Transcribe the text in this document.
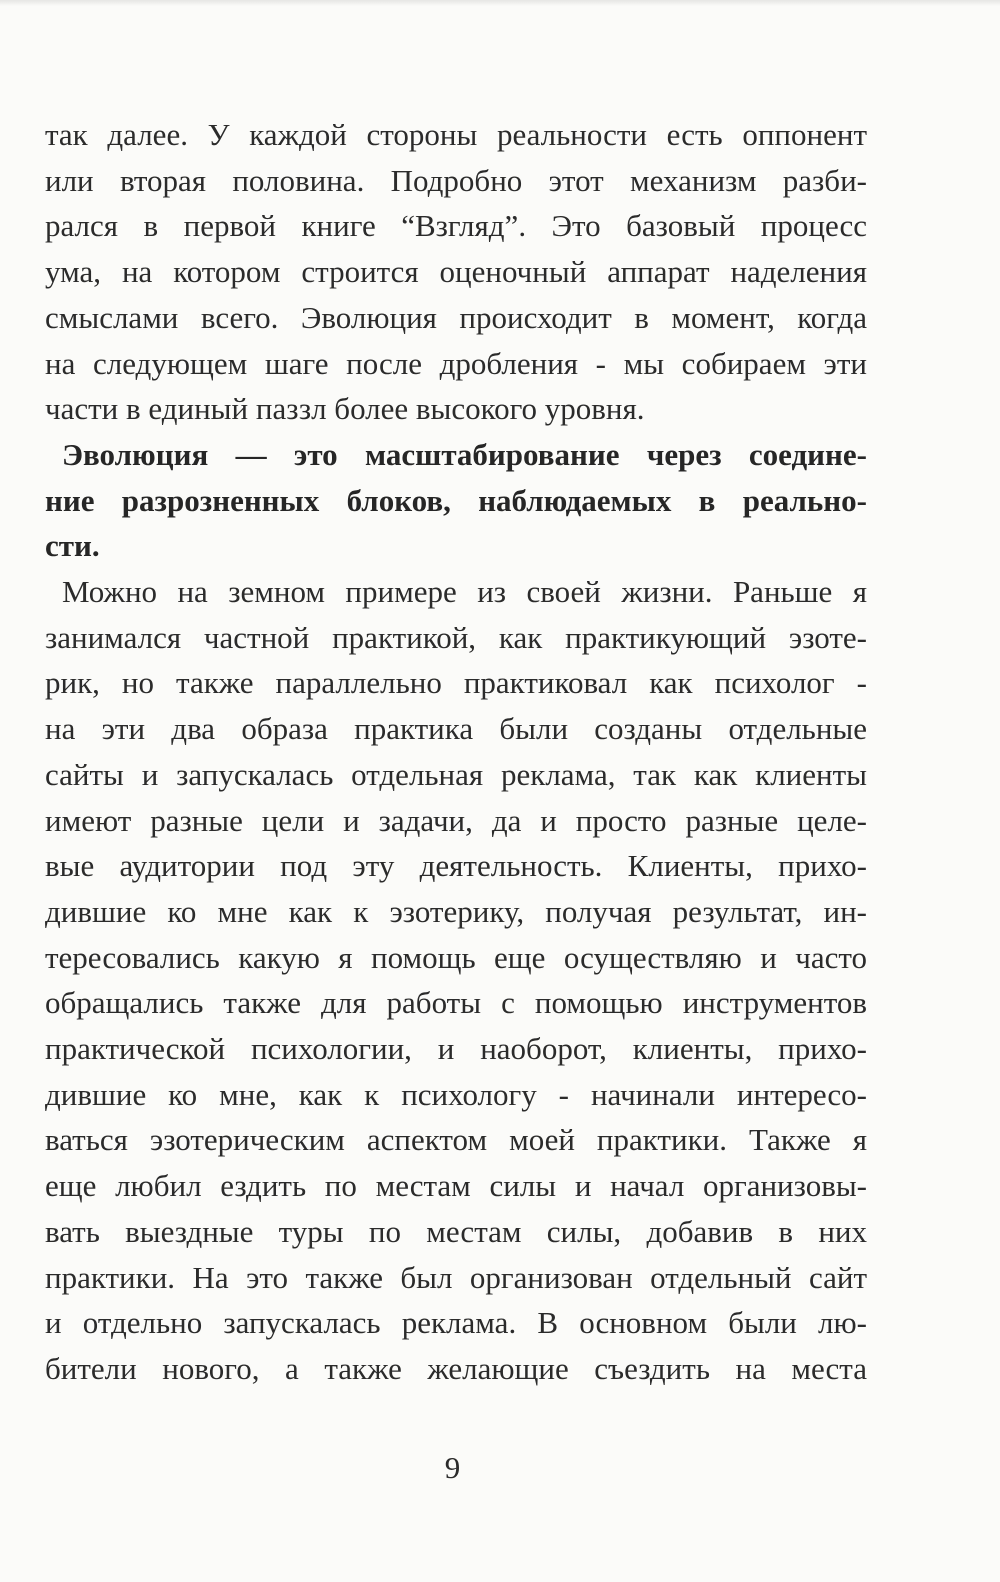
так далее. У каждой стороны реальности есть оппонент
или вторая половина. Подробно этот механизм разби-
рался в первой книге “Взгляд”. Это базовый процесс
ума, на котором строится оценочный аппарат наделения
смыслами всего. Эволюция происходит в момент, когда
на следующем шаге после дробления - мы собираем эти
части в единый паззл более высокого уровня.
Эволюция — это масштабирование через соедине-
ние разрозненных блоков, наблюдаемых в реально-
сти.
Можно на земном примере из своей жизни. Раньше я
занимался частной практикой, как практикующий эзоте-
рик, но также параллельно практиковал как психолог -
на эти два образа практика были созданы отдельные
сайты и запускалась отдельная реклама, так как клиенты
имеют разные цели и задачи, да и просто разные целе-
вые аудитории под эту деятельность. Клиенты, прихо-
дившие ко мне как к эзотерику, получая результат, ин-
тересовались какую я помощь еще осуществляю и часто
обращались также для работы с помощью инструментов
практической психологии, и наоборот, клиенты, прихо-
дившие ко мне, как к психологу - начинали интересо-
ваться эзотерическим аспектом моей практики. Также я
еще любил ездить по местам силы и начал организовы-
вать выездные туры по местам силы, добавив в них
практики. На это также был организован отдельный сайт
и отдельно запускалась реклама. В основном были лю-
бители нового, а также желающие съездить на места
9
